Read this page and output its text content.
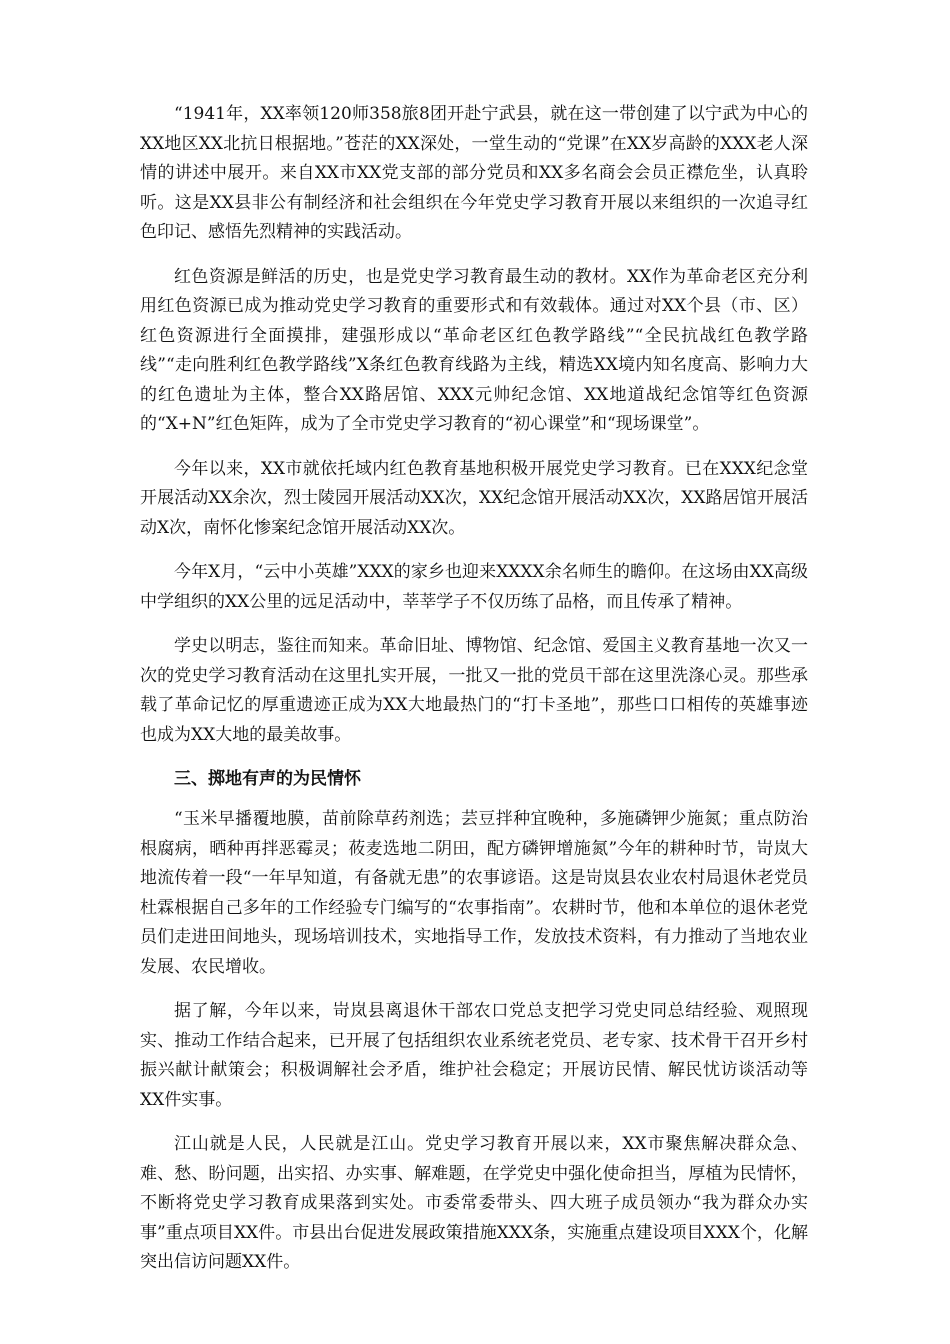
“1941年，XX率领120师358旅8团开赴宁武县，就在这一带创建了以宁武为中心的XX地区XX北抗日根据地。”苍茫的XX深处，一堂生动的“党课”在XX岁高龄的XXX老人深情的讲述中展开。来自XX市XX党支部的部分党员和XX多名商会会员正襟危坐，认真聆听。这是XX县非公有制经济和社会组织在今年党史学习教育开展以来组织的一次追寻红色印记、感悟先烈精神的实践活动。

红色资源是鲜活的历史，也是党史学习教育最生动的教材。XX作为革命老区充分利用红色资源已成为推动党史学习教育的重要形式和有效载体。通过对XX个县（市、区）红色资源进行全面摸排，建强形成以“革命老区红色教学路线”“全民抗战红色教学路线”“走向胜利红色教学路线”X条红色教育线路为主线，精选XX境内知名度高、影响力大的红色遗址为主体，整合XX路居馆、XXX元帅纪念馆、XX地道战纪念馆等红色资源的“X+N”红色矩阵，成为了全市党史学习教育的“初心课堂”和“现场课堂”。

今年以来，XX市就依托域内红色教育基地积极开展党史学习教育。已在XXX纪念堂开展活动XX余次，烈士陵园开展活动XX次，XX纪念馆开展活动XX次，XX路居馆开展活动X次，南怀化惨案纪念馆开展活动XX次。

今年X月，“云中小英雄”XXX的家乡也迎来XXXX余名师生的瞻仰。在这场由XX高级中学组织的XX公里的远足活动中，莘莘学子不仅历练了品格，而且传承了精神。

学史以明志，鉴往而知来。革命旧址、博物馆、纪念馆、爱国主义教育基地一次又一次的党史学习教育活动在这里扎实开展，一批又一批的党员干部在这里洗涤心灵。那些承载了革命记忆的厚重遗迹正成为XX大地最热门的“打卡圣地”，那些口口相传的英雄事迹也成为XX大地的最美故事。

三、掷地有声的为民情怀

“玉米早播覆地膜，苗前除草药剂选；芸豆拌种宜晚种，多施磷钾少施氮；重点防治根腐病，晒种再拌恶霉灵；莜麦选地二阴田，配方磷钾增施氮”今年的耕种时节，岢岚大地流传着一段“一年早知道，有备就无患”的农事谚语。这是岢岚县农业农村局退休老党员杜霖根据自己多年的工作经验专门编写的“农事指南”。农耕时节，他和本单位的退休老党员们走进田间地头，现场培训技术，实地指导工作，发放技术资料，有力推动了当地农业发展、农民增收。

据了解，今年以来，岢岚县离退休干部农口党总支把学习党史同总结经验、观照现实、推动工作结合起来，已开展了包括组织农业系统老党员、老专家、技术骨干召开乡村振兴献计献策会；积极调解社会矛盾，维护社会稳定；开展访民情、解民忧访谈活动等XX件实事。

江山就是人民，人民就是江山。党史学习教育开展以来，XX市聚焦解决群众急、难、愁、盼问题，出实招、办实事、解难题，在学党史中强化使命担当，厚植为民情怀，不断将党史学习教育成果落到实处。市委常委带头、四大班子成员领办“我为群众办实事”重点项目XX件。市县出台促进发展政策措施XXX条，实施重点建设项目XXX个，化解突出信访问题XX件。
